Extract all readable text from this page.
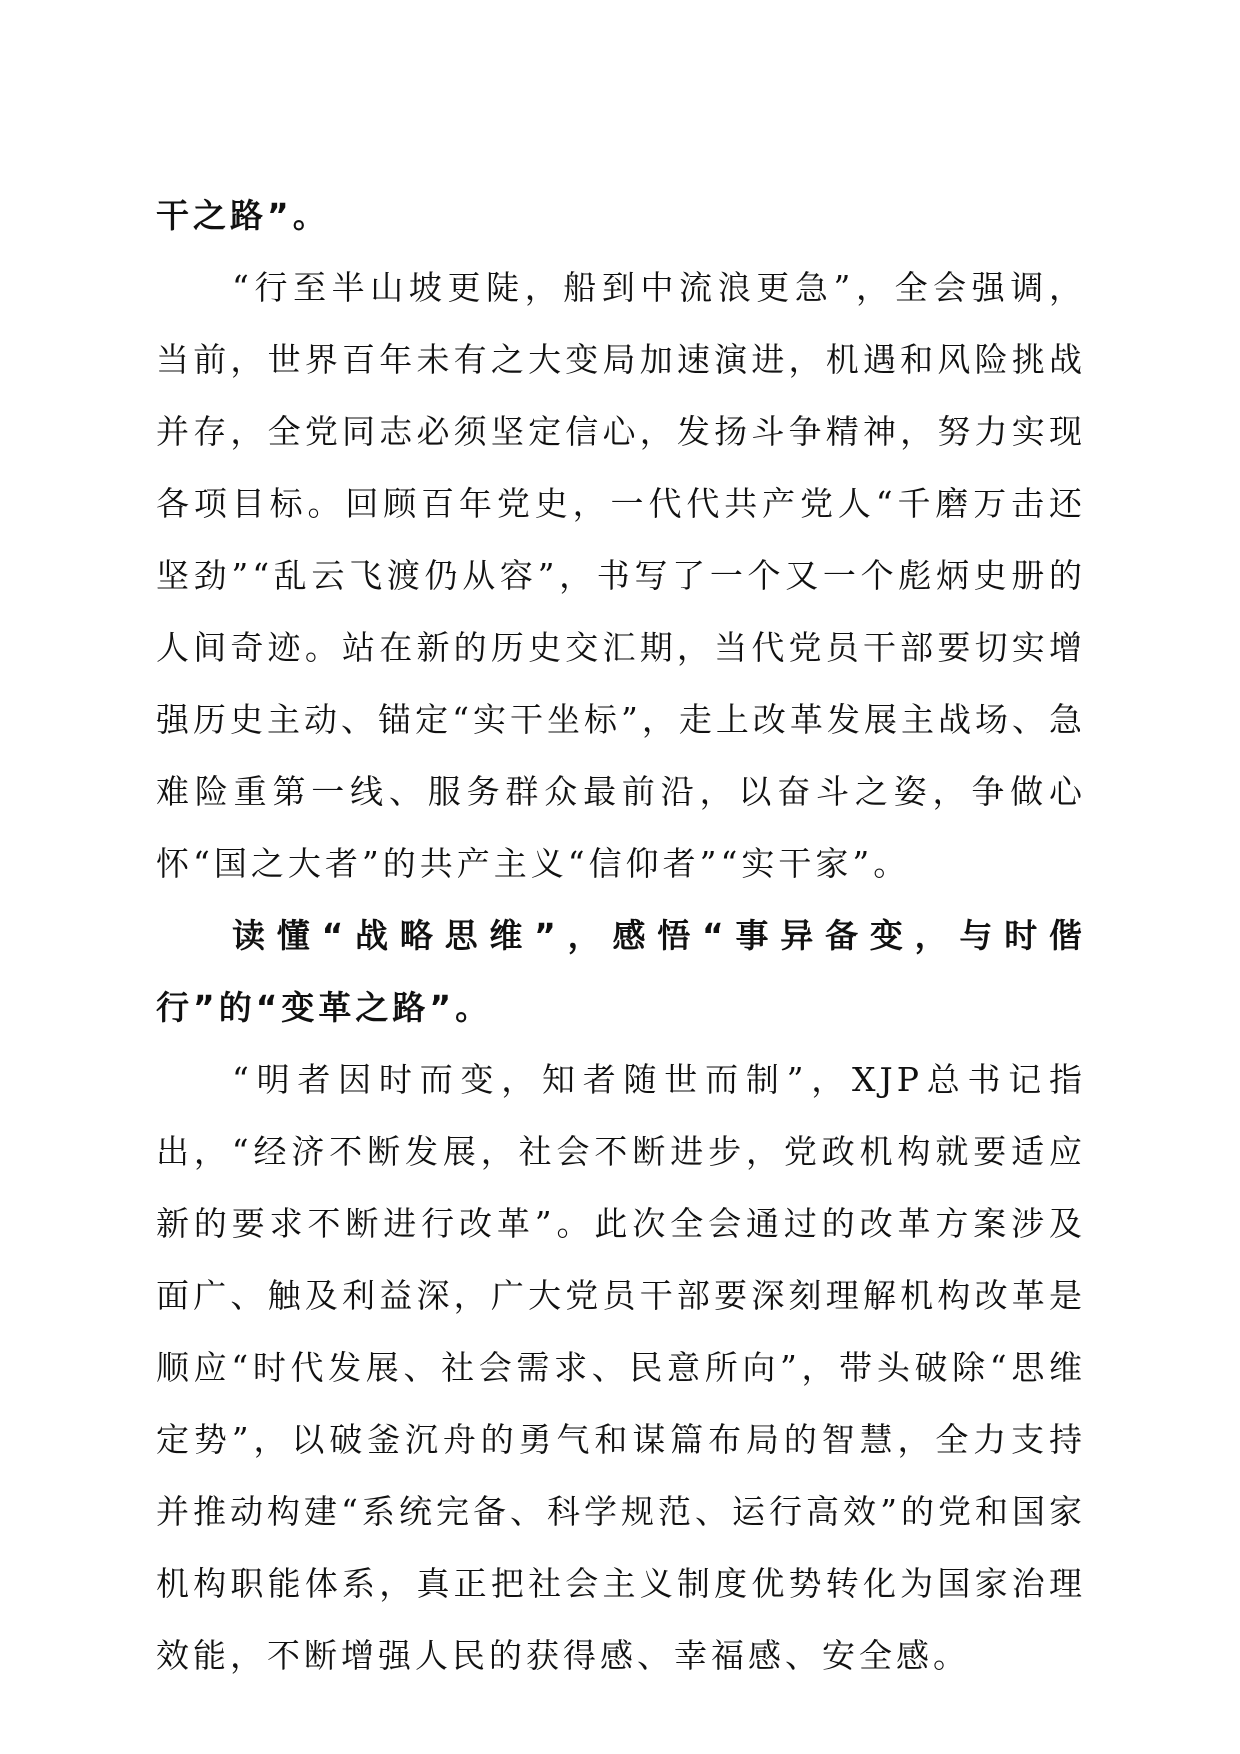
干之路”。

“行至半山坡更陡，船到中流浪更急”，全会强调，当前，世界百年未有之大变局加速演进，机遇和风险挑战并存，全党同志必须坚定信心，发扬斗争精神，努力实现各项目标。回顾百年党史，一代代共产党人“千磨万击还坚劲”“乱云飞渡仍从容”，书写了一个又一个彪炳史册的人间奇迹。站在新的历史交汇期，当代党员干部要切实增强历史主动、锚定“实干坐标”，走上改革发展主战场、急难险重第一线、服务群众最前沿，以奋斗之姿，争做心怀“国之大者”的共产主义“信仰者”“实干家”。

读懂“战略思维”，感悟“事异备变，与时偕行”的“变革之路”。

“明者因时而变，知者随世而制”，XJP总书记指出，“经济不断发展，社会不断进步，党政机构就要适应新的要求不断进行改革”。此次全会通过的改革方案涉及面广、触及利益深，广大党员干部要深刻理解机构改革是顺应“时代发展、社会需求、民意所向”，带头破除“思维定势”，以破釜沉舟的勇气和谋篇布局的智慧，全力支持并推动构建“系统完备、科学规范、运行高效”的党和国家机构职能体系，真正把社会主义制度优势转化为国家治理效能，不断增强人民的获得感、幸福感、安全感。
